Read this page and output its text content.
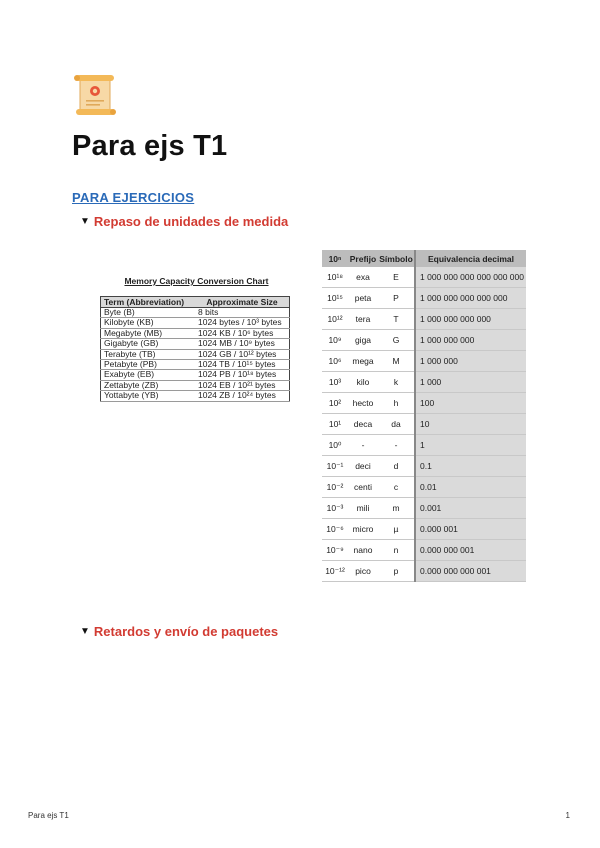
Para ejs T1
PARA EJERCICIOS
▼ Repaso de unidades de medida
Memory Capacity Conversion Chart
Term (Abbreviation)	Approximate Size
Byte (B)	8 bits
Kilobyte (KB)	1024 bytes / 10³ bytes
Megabyte (MB)	1024 KB / 10⁶ bytes
Gigabyte (GB)	1024 MB / 10⁹ bytes
Terabyte (TB)	1024 GB / 10¹² bytes
Petabyte (PB)	1024 TB / 10¹⁵ bytes
Exabyte (EB)	1024 PB / 10¹⁸ bytes
Zettabyte (ZB)	1024 EB / 10²¹ bytes
Yottabyte (YB)	1024 ZB / 10²⁴ bytes
10ⁿ	Prefijo	Símbolo	Equivalencia decimal
10¹⁸	exa	E	1 000 000 000 000 000 000
10¹⁵	peta	P	1 000 000 000 000 000
10¹²	tera	T	1 000 000 000 000
10⁹	giga	G	1 000 000 000
10⁶	mega	M	1 000 000
10³	kilo	k	1 000
10²	hecto	h	100
10¹	deca	da	10
10⁰	-	-	1
10⁻¹	deci	d	0.1
10⁻²	centi	c	0.01
10⁻³	mili	m	0.001
10⁻⁶	micro	µ	0.000 001
10⁻⁹	nano	n	0.000 000 001
10⁻¹²	pico	p	0.000 000 000 001
▼ Retardos y envío de paquetes
Para ejs T1	1
